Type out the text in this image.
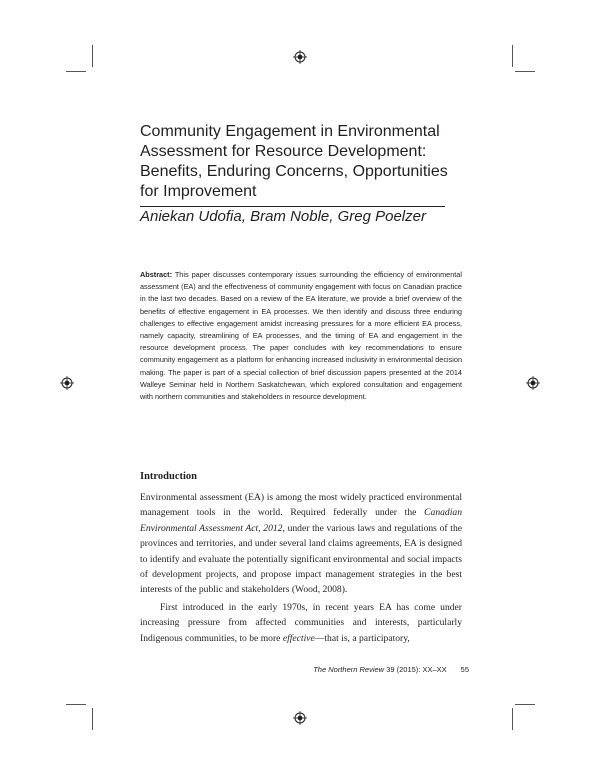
Community Engagement in Environmental
Assessment for Resource Development:
Benefits, Enduring Concerns, Opportunities
for Improvement
Aniekan Udofia, Bram Noble, Greg Poelzer

Abstract: This paper discusses contemporary issues surrounding the efficiency of environmental assessment (EA) and the effectiveness of community engagement with focus on Canadian practice in the last two decades. Based on a review of the EA literature, we provide a brief overview of the benefits of effective engagement in EA processes. We then identify and discuss three enduring challenges to effective engagement amidst increasing pressures for a more efficient EA process, namely capacity, streamlining of EA processes, and the timing of EA and engagement in the resource development process. The paper concludes with key recommendations to ensure community engagement as a platform for enhancing increased inclusivity in environmental decision making. The paper is part of a special collection of brief discussion papers presented at the 2014 Walleye Seminar held in Northern Saskatchewan, which explored consultation and engagement with northern communities and stakeholders in resource development.

Introduction

Environmental assessment (EA) is among the most widely practiced environmental management tools in the world. Required federally under the Canadian Environmental Assessment Act, 2012, under the various laws and regulations of the provinces and territories, and under several land claims agreements, EA is designed to identify and evaluate the potentially significant environmental and social impacts of development projects, and propose impact management strategies in the best interests of the public and stakeholders (Wood, 2008).

First introduced in the early 1970s, in recent years EA has come under increasing pressure from affected communities and interests, particularly Indigenous communities, to be more effective—that is, a participatory,

The Northern Review 39 (2015): XX–XX 55
